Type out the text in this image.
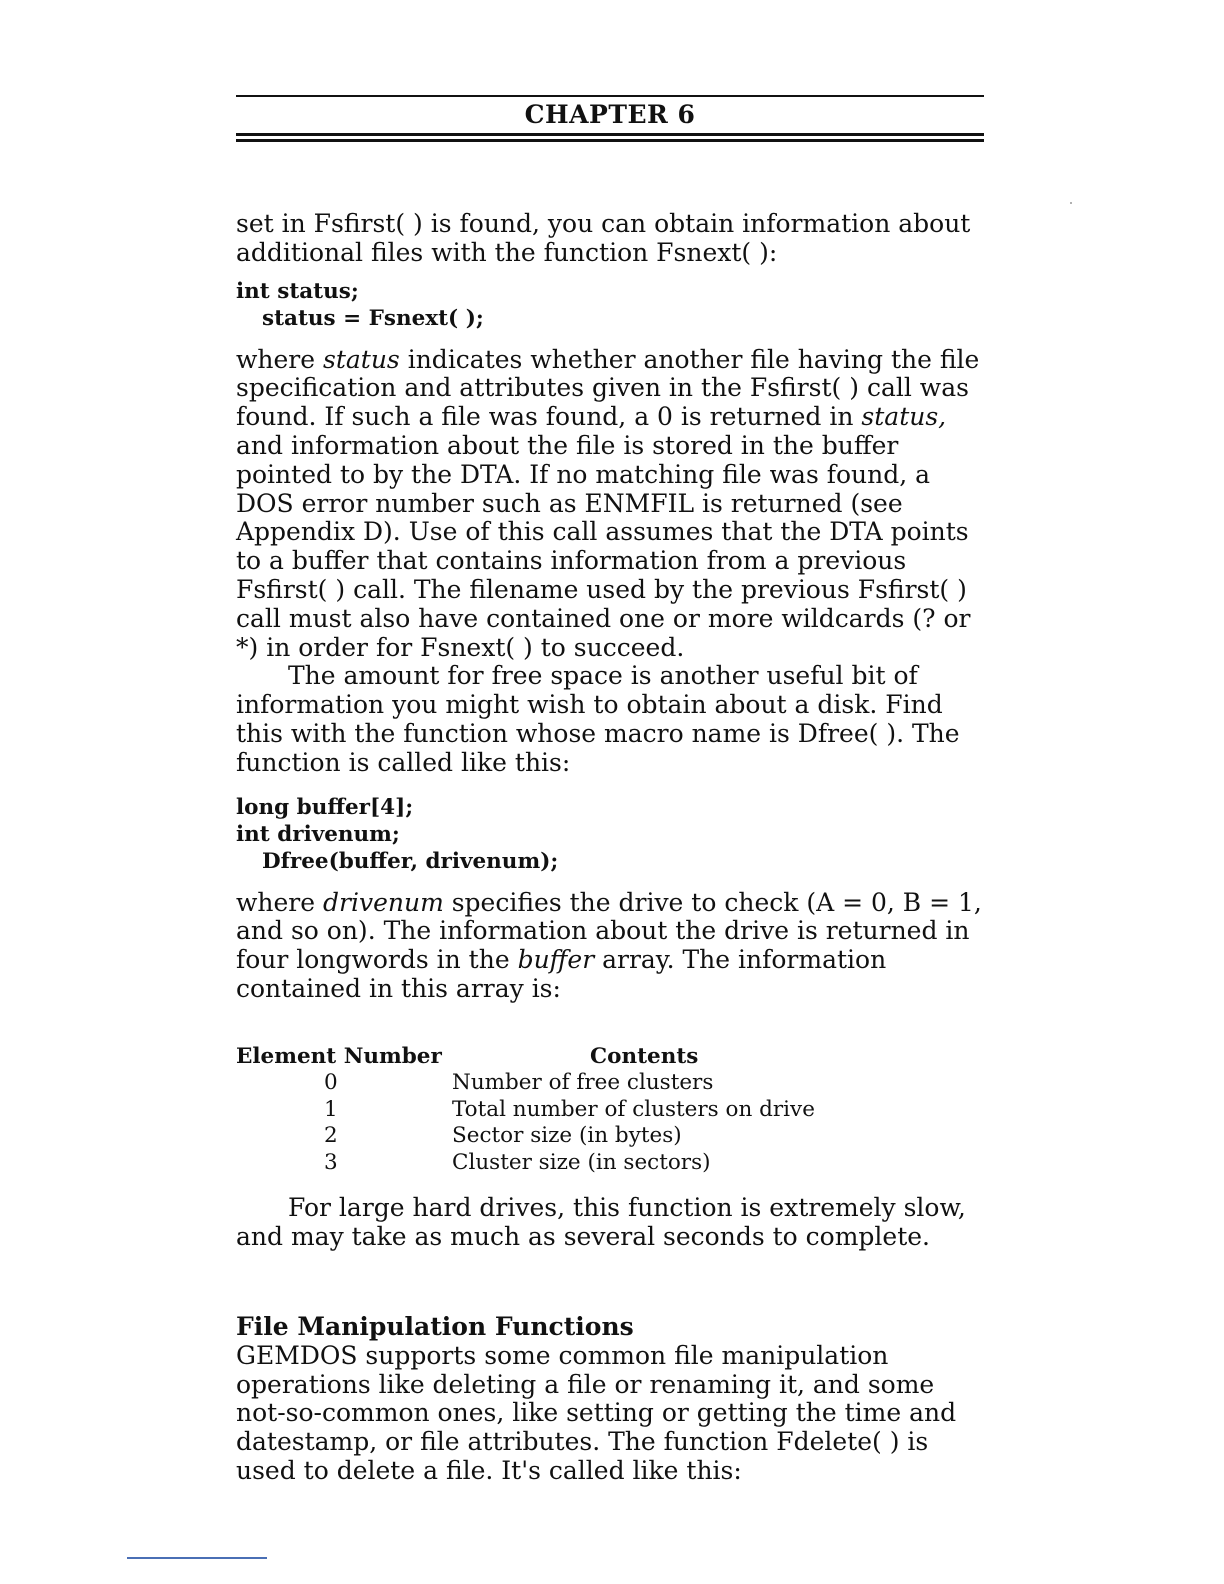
CHAPTER 6

set in Fsfirst( ) is found, you can obtain information about additional files with the function Fsnext( ):

int status;
status = Fsnext( );

where status indicates whether another file having the file specification and attributes given in the Fsfirst( ) call was found. If such a file was found, a 0 is returned in status, and information about the file is stored in the buffer pointed to by the DTA. If no matching file was found, a DOS error number such as ENMFIL is returned (see Appendix D). Use of this call assumes that the DTA points to a buffer that contains information from a previous Fsfirst( ) call. The filename used by the previous Fsfirst( ) call must also have contained one or more wildcards (? or *) in order for Fsnext( ) to succeed.

The amount for free space is another useful bit of information you might wish to obtain about a disk. Find this with the function whose macro name is Dfree( ). The function is called like this:

long buffer[4];
int drivenum;
Dfree(buffer, drivenum);

where drivenum specifies the drive to check (A = 0, B = 1, and so on). The information about the drive is returned in four longwords in the buffer array. The information contained in this array is:

Element Number	Contents
0	Number of free clusters
1	Total number of clusters on drive
2	Sector size (in bytes)
3	Cluster size (in sectors)

For large hard drives, this function is extremely slow, and may take as much as several seconds to complete.

File Manipulation Functions

GEMDOS supports some common file manipulation operations like deleting a file or renaming it, and some not-so-common ones, like setting or getting the time and datestamp, or file attributes. The function Fdelete( ) is used to delete a file. It's called like this:
